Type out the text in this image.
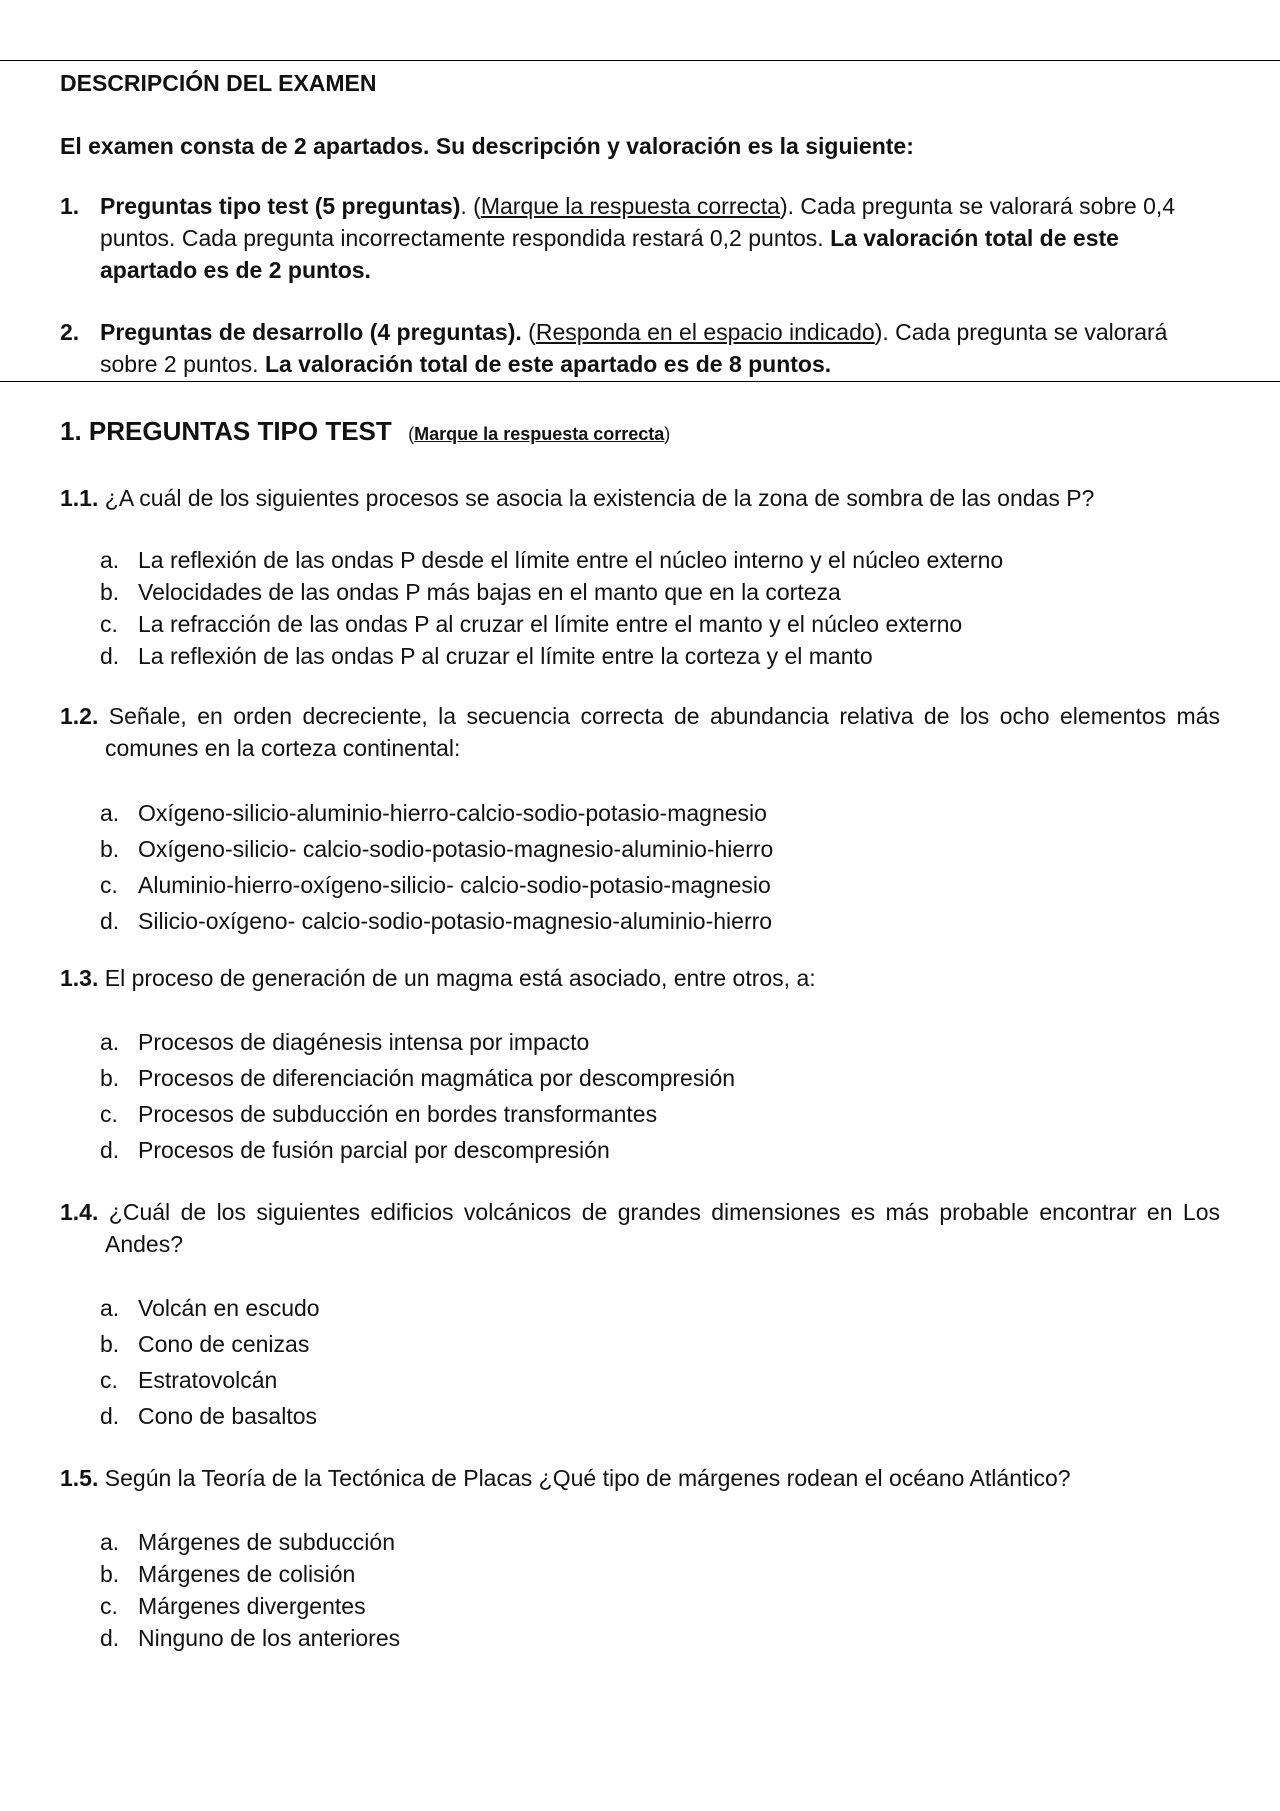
DESCRIPCIÓN DEL EXAMEN
El examen consta de 2 apartados. Su descripción y valoración es la siguiente:
1. Preguntas tipo test (5 preguntas). (Marque la respuesta correcta). Cada pregunta se valorará sobre 0,4 puntos. Cada pregunta incorrectamente respondida restará 0,2 puntos. La valoración total de este apartado es de 2 puntos.
2. Preguntas de desarrollo (4 preguntas). (Responda en el espacio indicado). Cada pregunta se valorará sobre 2 puntos. La valoración total de este apartado es de 8 puntos.
1. PREGUNTAS TIPO TEST (Marque la respuesta correcta)
1.1. ¿A cuál de los siguientes procesos se asocia la existencia de la zona de sombra de las ondas P?
a. La reflexión de las ondas P desde el límite entre el núcleo interno y el núcleo externo
b. Velocidades de las ondas P más bajas en el manto que en la corteza
c. La refracción de las ondas P al cruzar el límite entre el manto y el núcleo externo
d. La reflexión de las ondas P al cruzar el límite entre la corteza y el manto
1.2. Señale, en orden decreciente, la secuencia correcta de abundancia relativa de los ocho elementos más comunes en la corteza continental:
a. Oxígeno-silicio-aluminio-hierro-calcio-sodio-potasio-magnesio
b. Oxígeno-silicio- calcio-sodio-potasio-magnesio-aluminio-hierro
c. Aluminio-hierro-oxígeno-silicio- calcio-sodio-potasio-magnesio
d. Silicio-oxígeno- calcio-sodio-potasio-magnesio-aluminio-hierro
1.3. El proceso de generación de un magma está asociado, entre otros, a:
a. Procesos de diagénesis intensa por impacto
b. Procesos de diferenciación magmática por descompresión
c. Procesos de subducción en bordes transformantes
d. Procesos de fusión parcial por descompresión
1.4. ¿Cuál de los siguientes edificios volcánicos de grandes dimensiones es más probable encontrar en Los Andes?
a. Volcán en escudo
b. Cono de cenizas
c. Estratovolcán
d. Cono de basaltos
1.5. Según la Teoría de la Tectónica de Placas ¿Qué tipo de márgenes rodean el océano Atlántico?
a. Márgenes de subducción
b. Márgenes de colisión
c. Márgenes divergentes
d. Ninguno de los anteriores
